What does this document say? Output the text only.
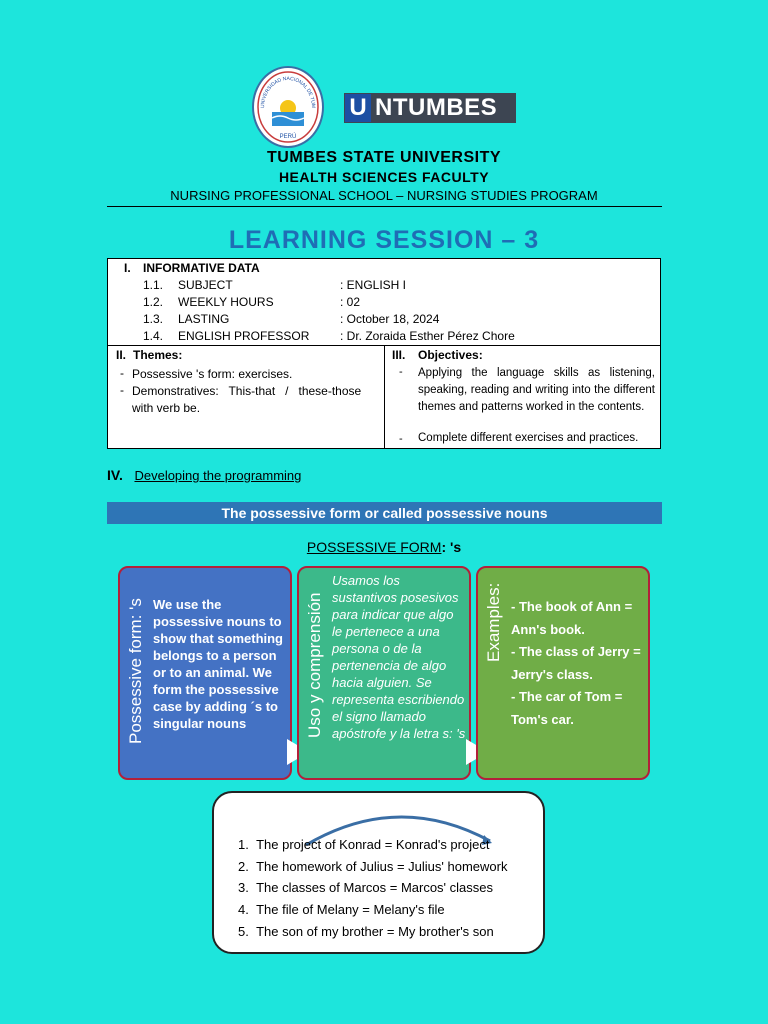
UNIVERSIDAD NACIONAL DE TUM
PERÚ
U NTUMBES
TUMBES STATE UNIVERSITY
HEALTH SCIENCES FACULTY
NURSING PROFESSIONAL SCHOOL – NURSING STUDIES PROGRAM
LEARNING SESSION – 3
I. INFORMATIVE DATA
1.1. SUBJECT	: ENGLISH I
1.2. WEEKLY HOURS	: 02
1.3. LASTING	: October 18, 2024
1.4. ENGLISH PROFESSOR	: Dr. Zoraida Esther Pérez Chore
II. Themes:
- Possessive 's form: exercises.
- Demonstratives:   This-that   /   these-those with verb be.
III. Objectives:
- Applying the language skills as listening, speaking, reading and writing into the different themes and patterns worked in the contents.
- Complete different exercises and practices.
IV. Developing the programming
The possessive form or called possessive nouns
POSSESSIVE FORM: 's
Possessive form: 's We use the possessive nouns to show that something belongs to a person or to an animal. We form the possessive case by adding ´s to singular nouns	Uso y comprensión
Usamos los sustantivos posesivos para indicar que algo le pertenece a una persona o de la pertenencia de algo hacia alguien. Se representa escribiendo el signo llamado apóstrofe y la letra s: 's
Examples: - The book of Ann = Ann's book.
- The class of Jerry = Jerry's class.
- The car of Tom = Tom's car.
1. The project of Konrad = Konrad's project
2. The homework of Julius = Julius' homework
3. The classes of Marcos = Marcos' classes
4. The file of Melany = Melany's file
5. The son of my brother = My brother's son
